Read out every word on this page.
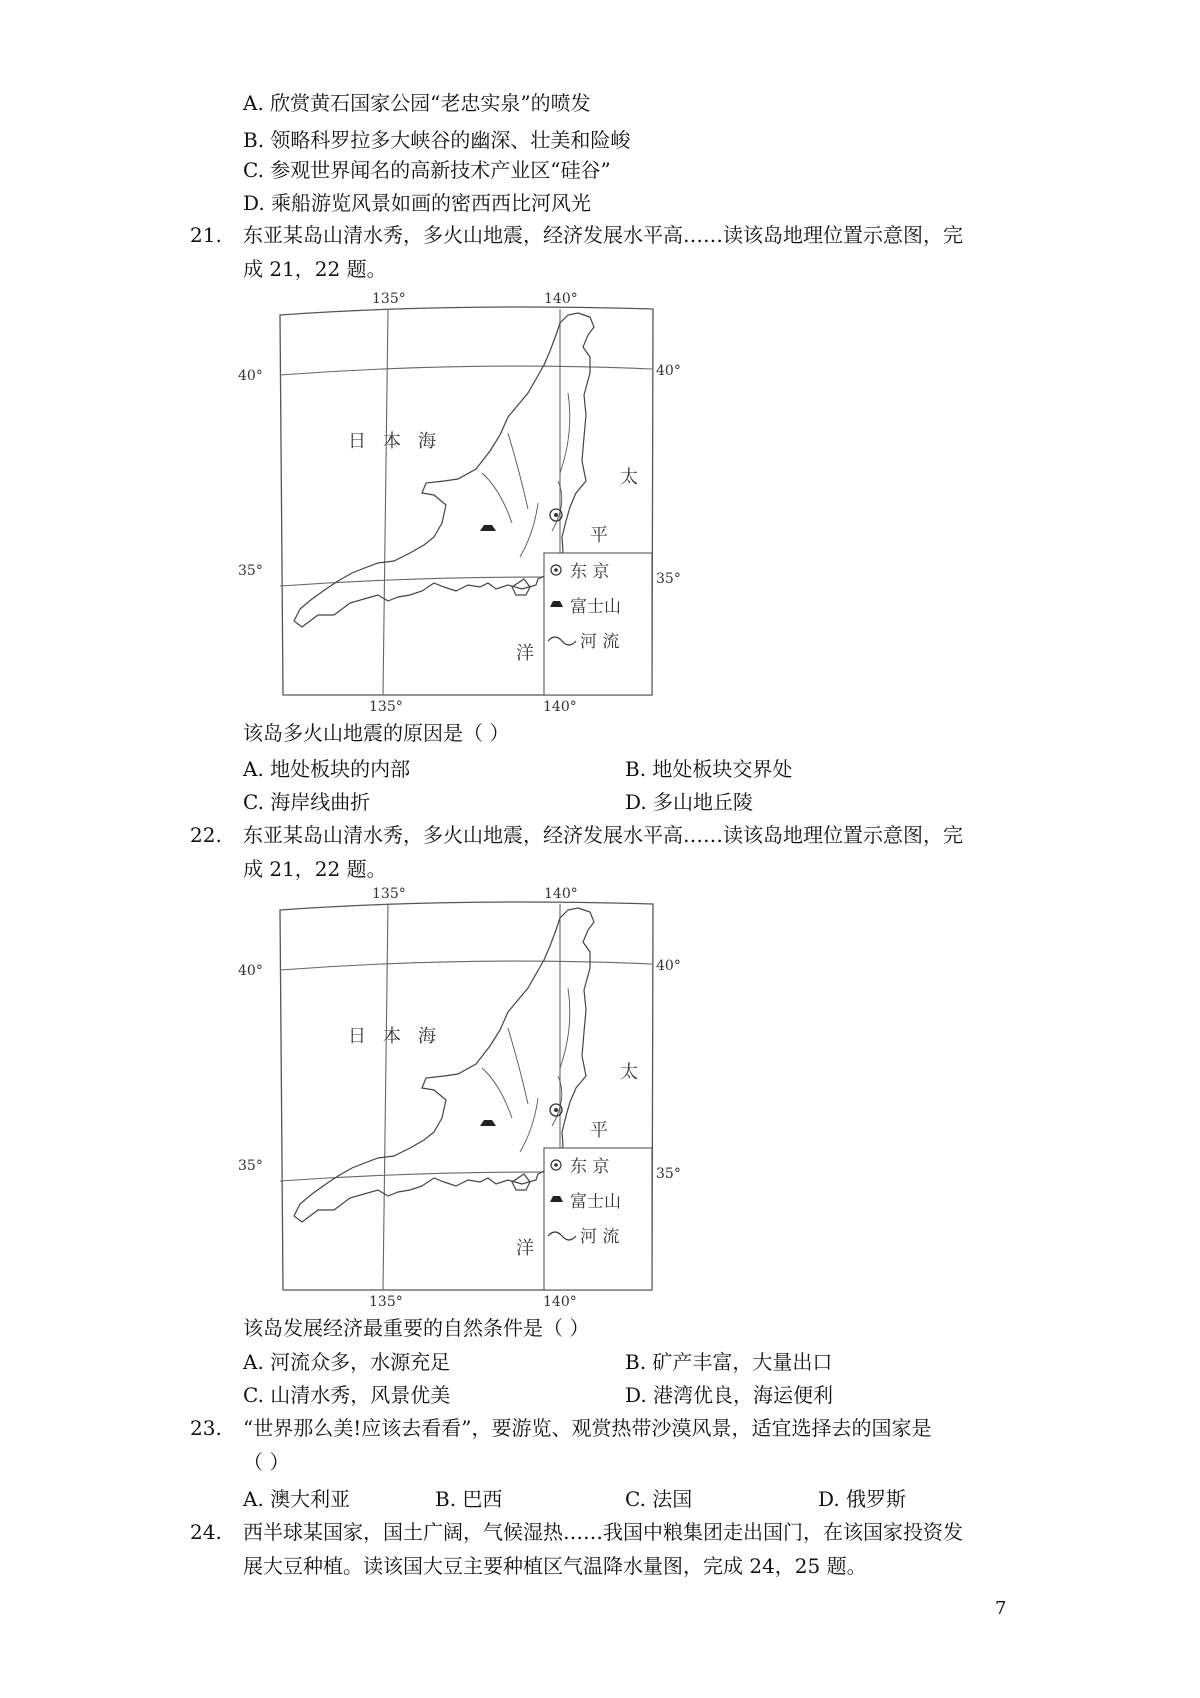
A. 欣赏黄石国家公园“老忠实泉”的喷发
B. 领略科罗拉多大峡谷的幽深、壮美和险峻
C. 参观世界闻名的高新技术产业区“硅谷”
D. 乘船游览风景如画的密西西比河风光
21. 东亚某岛山清水秀，多火山地震，经济发展水平高……读该岛地理位置示意图，完
成 21，22 题。
东 京
富士山
河 流
135°	140°
135°	140°
40°	40°
35°	35°
日 本 海
太
平
洋
该岛多火山地震的原因是（ ）
A. 地处板块的内部	B. 地处板块交界处
C. 海岸线曲折	D. 多山地丘陵
22. 东亚某岛山清水秀，多火山地震，经济发展水平高……读该岛地理位置示意图，完
成 21，22 题。
东 京
富士山
河 流
135°	140°
135°	140°
40°	40°
35°	35°
日 本 海
太
平
洋
该岛发展经济最重要的自然条件是（ ）
A. 河流众多，水源充足	B. 矿产丰富，大量出口
C. 山清水秀，风景优美	D. 港湾优良，海运便利
23. “世界那么美!应该去看看”，要游览、观赏热带沙漠风景，适宜选择去的国家是
（ ）
A. 澳大利亚	B. 巴西	C. 法国	D. 俄罗斯
24. 西半球某国家，国土广阔，气候湿热……我国中粮集团走出国门，在该国家投资发
展大豆种植。读该国大豆主要种植区气温降水量图，完成 24，25 题。
7
